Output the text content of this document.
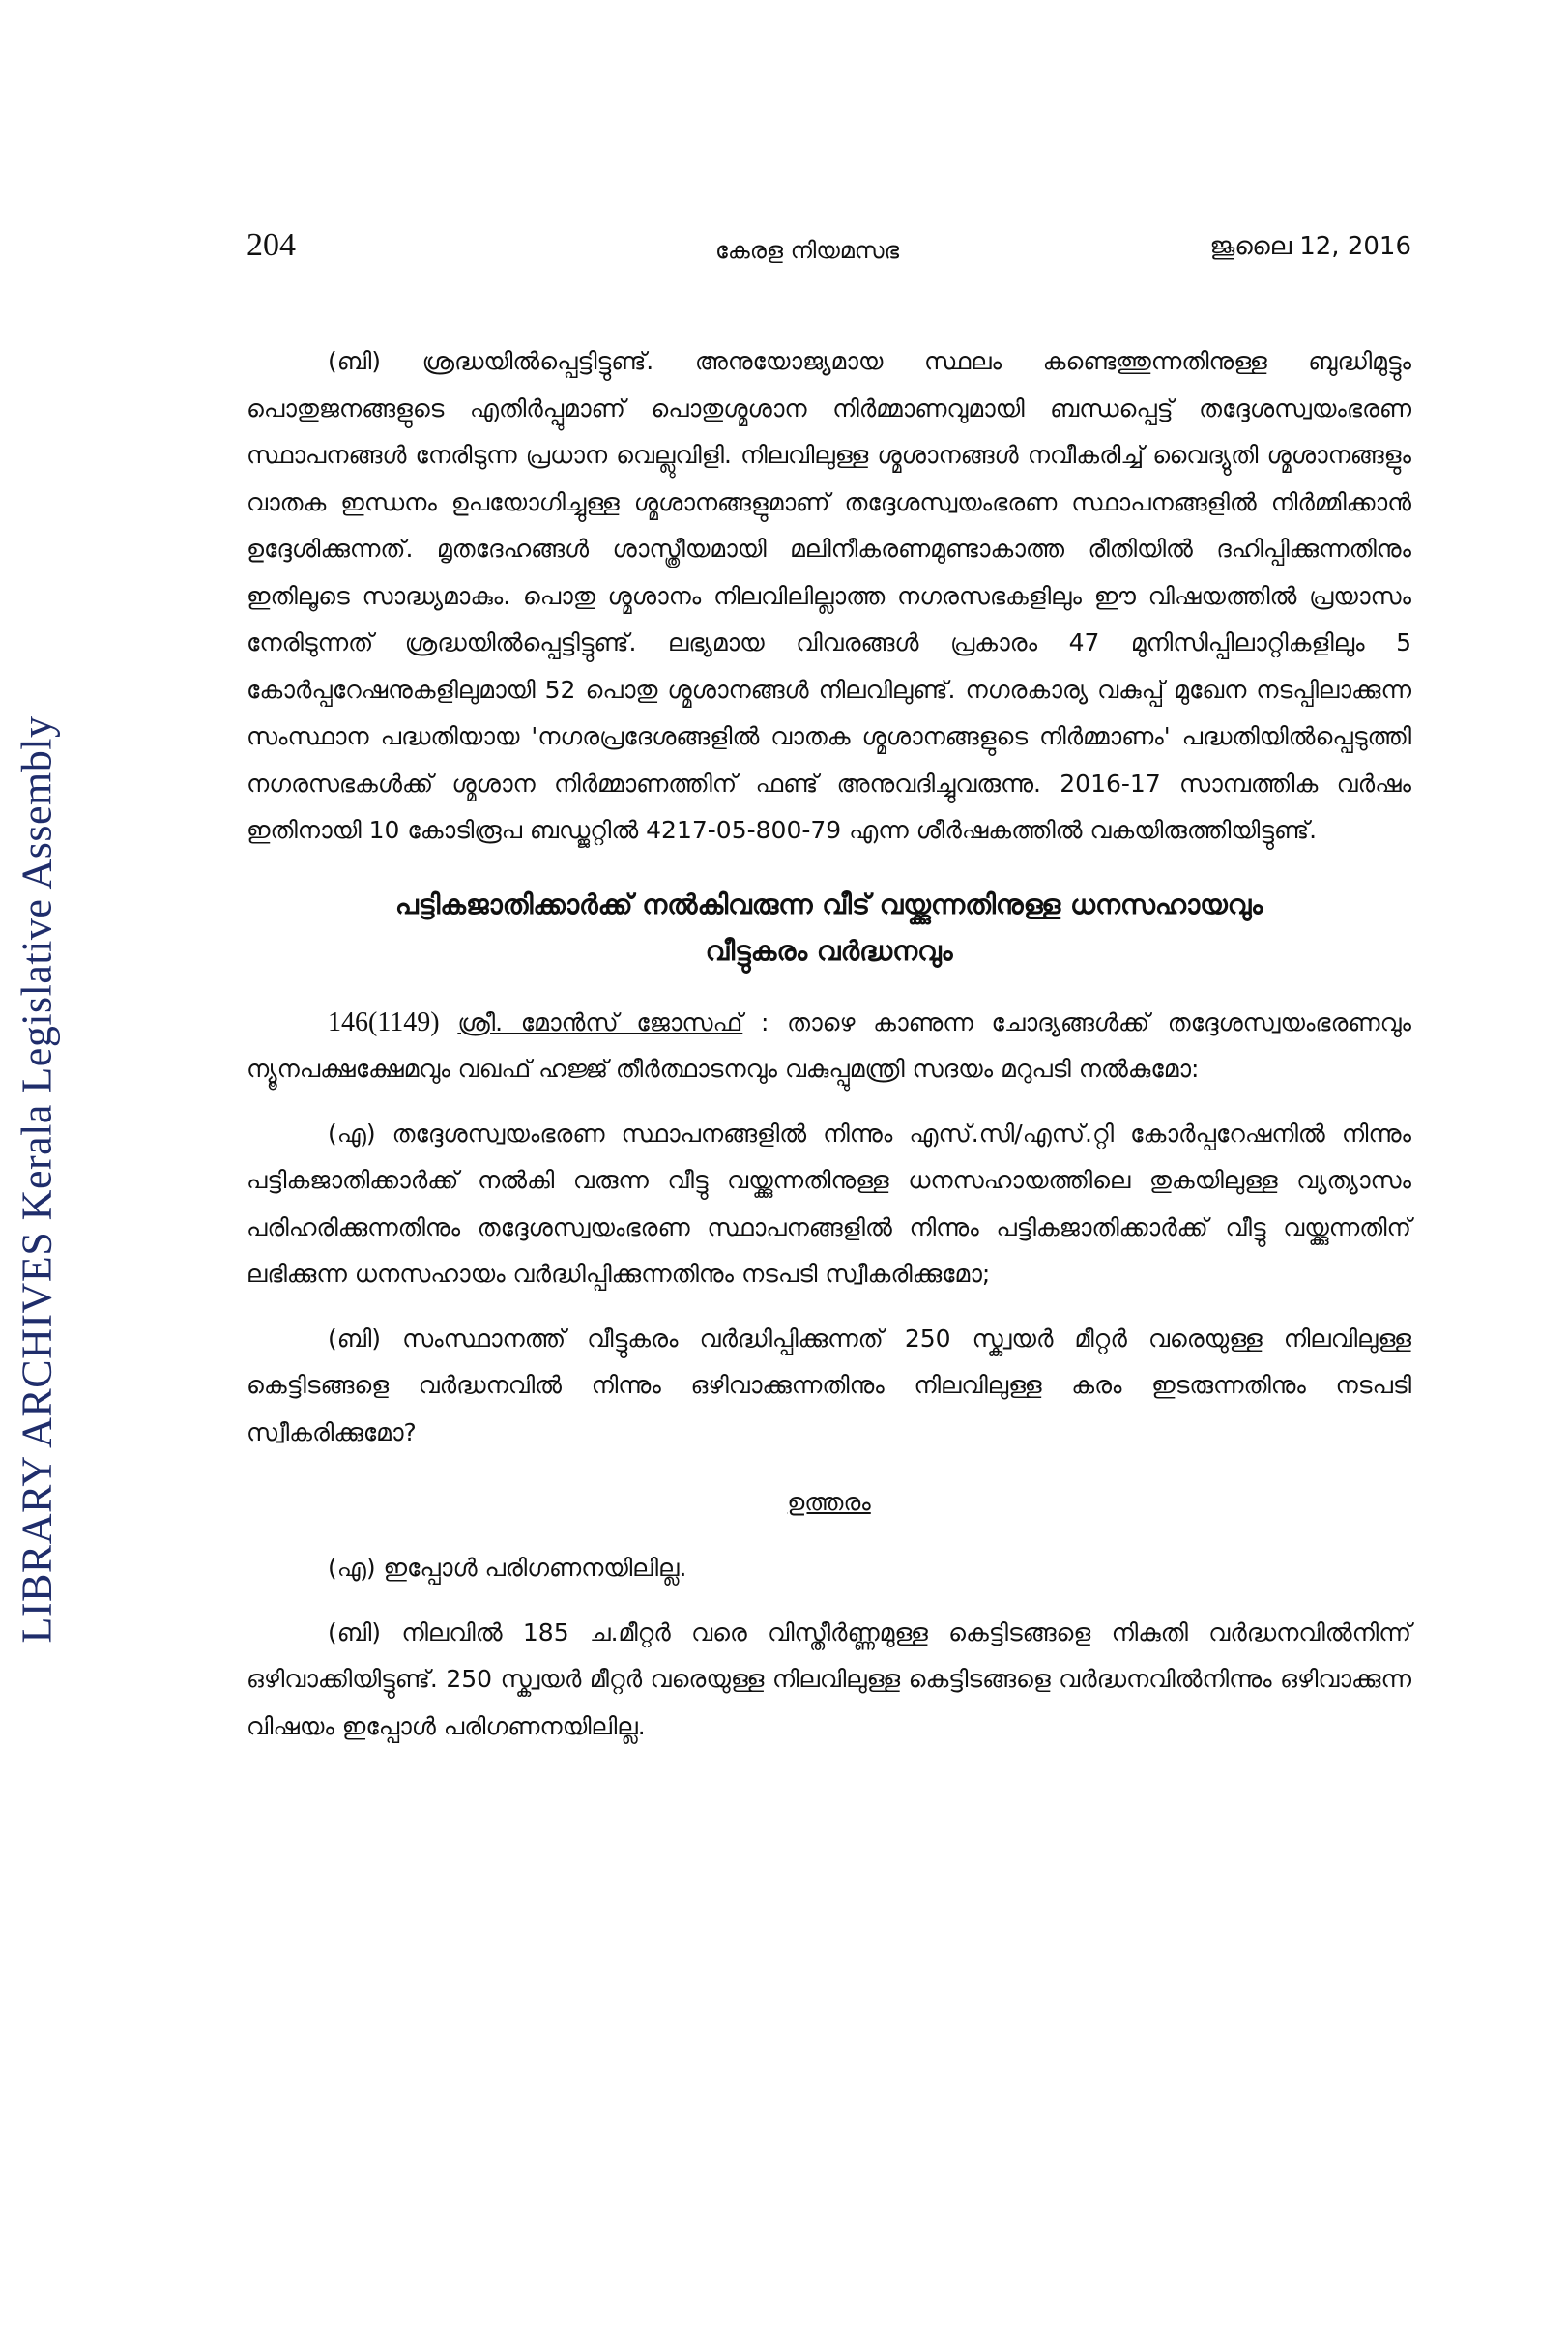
LIBRARY ARCHIVES Kerala Legislative Assembly
204	കേരള നിയമസഭ	ജൂലൈ 12, 2016

(ബി) ശ്രദ്ധയിൽപ്പെട്ടിട്ടുണ്ട്. അനുയോജ്യമായ സ്ഥലം കണ്ടെത്തുന്നതിനുള്ള ബുദ്ധിമുട്ടും പൊതുജനങ്ങളുടെ എതിർപ്പുമാണ് പൊതുശ്മശാന നിർമ്മാണവുമായി ബന്ധപ്പെട്ട് തദ്ദേശസ്വയംഭരണ സ്ഥാപനങ്ങൾ നേരിടുന്ന പ്രധാന വെല്ലുവിളി. നിലവിലുള്ള ശ്മശാനങ്ങൾ നവീകരിച്ച് വൈദ്യുതി ശ്മശാനങ്ങളും വാതക ഇന്ധനം ഉപയോഗിച്ചുള്ള ശ്മശാനങ്ങളുമാണ് തദ്ദേശസ്വയംഭരണ സ്ഥാപനങ്ങളിൽ നിർമ്മിക്കാൻ ഉദ്ദേശിക്കുന്നത്. മൃതദേഹങ്ങൾ ശാസ്ത്രീയമായി മലിനീകരണമുണ്ടാകാത്ത രീതിയിൽ ദഹിപ്പിക്കുന്നതിനും ഇതിലൂടെ സാദ്ധ്യമാകും. പൊതു ശ്മശാനം നിലവിലില്ലാത്ത നഗരസഭകളിലും ഈ വിഷയത്തിൽ പ്രയാസം നേരിടുന്നത് ശ്രദ്ധയിൽപ്പെട്ടിട്ടുണ്ട്. ലഭ്യമായ വിവരങ്ങൾ പ്രകാരം 47 മുനിസിപ്പിലാറ്റികളിലും 5 കോർപ്പറേഷനുകളിലുമായി 52 പൊതു ശ്മശാനങ്ങൾ നിലവിലുണ്ട്. നഗരകാര്യ വകുപ്പ് മുഖേന നടപ്പിലാക്കുന്ന സംസ്ഥാന പദ്ധതിയായ 'നഗരപ്രദേശങ്ങളിൽ വാതക ശ്മശാനങ്ങളുടെ നിർമ്മാണം' പദ്ധതിയിൽപ്പെടുത്തി നഗരസഭകൾക്ക് ശ്മശാന നിർമ്മാണത്തിന് ഫണ്ട് അനുവദിച്ചുവരുന്നു. 2016-17 സാമ്പത്തിക വർഷം ഇതിനായി 10 കോടിരൂപ ബഡ്ജറ്റിൽ 4217-05-800-79 എന്ന ശീർഷകത്തിൽ വകയിരുത്തിയിട്ടുണ്ട്.

പട്ടികജാതിക്കാർക്ക് നൽകിവരുന്ന വീട് വയ്ക്കുന്നതിനുള്ള ധനസഹായവും
വീട്ടുകരം വർദ്ധനവും

146(1149) ശ്രീ. മോൻസ് ജോസഫ് : താഴെ കാണുന്ന ചോദ്യങ്ങൾക്ക് തദ്ദേശസ്വയംഭരണവും ന്യൂനപക്ഷക്ഷേമവും വഖഫ് ഹജ്ജ് തീർത്ഥാടനവും വകുപ്പുമന്ത്രി സദയം മറുപടി നൽകുമോ:

(എ) തദ്ദേശസ്വയംഭരണ സ്ഥാപനങ്ങളിൽ നിന്നും എസ്.സി/എസ്.റ്റി കോർപ്പറേഷനിൽ നിന്നും പട്ടികജാതിക്കാർക്ക് നൽകി വരുന്ന വീട്ടു വയ്ക്കുന്നതിനുള്ള ധനസഹായത്തിലെ തുകയിലുള്ള വ്യത്യാസം പരിഹരിക്കുന്നതിനും തദ്ദേശസ്വയംഭരണ സ്ഥാപനങ്ങളിൽ നിന്നും പട്ടികജാതിക്കാർക്ക് വീട്ടു വയ്ക്കുന്നതിന് ലഭിക്കുന്ന ധനസഹായം വർദ്ധിപ്പിക്കുന്നതിനും നടപടി സ്വീകരിക്കുമോ;

(ബി) സംസ്ഥാനത്ത് വീട്ടുകരം വർദ്ധിപ്പിക്കുന്നത് 250 സ്ക്വയർ മീറ്റർ വരെയുള്ള നിലവിലുള്ള കെട്ടിടങ്ങളെ വർദ്ധനവിൽ നിന്നും ഒഴിവാക്കുന്നതിനും നിലവിലുള്ള കരം ഇടരുന്നതിനും നടപടി സ്വീകരിക്കുമോ?

ഉത്തരം

(എ) ഇപ്പോൾ പരിഗണനയിലില്ല.

(ബി) നിലവിൽ 185 ച.മീറ്റർ വരെ വിസ്തീർണ്ണമുള്ള കെട്ടിടങ്ങളെ നികുതി വർദ്ധനവിൽനിന്ന് ഒഴിവാക്കിയിട്ടുണ്ട്. 250 സ്ക്വയർ മീറ്റർ വരെയുള്ള നിലവിലുള്ള കെട്ടിടങ്ങളെ വർദ്ധനവിൽനിന്നും ഒഴിവാക്കുന്ന വിഷയം ഇപ്പോൾ പരിഗണനയിലില്ല.
